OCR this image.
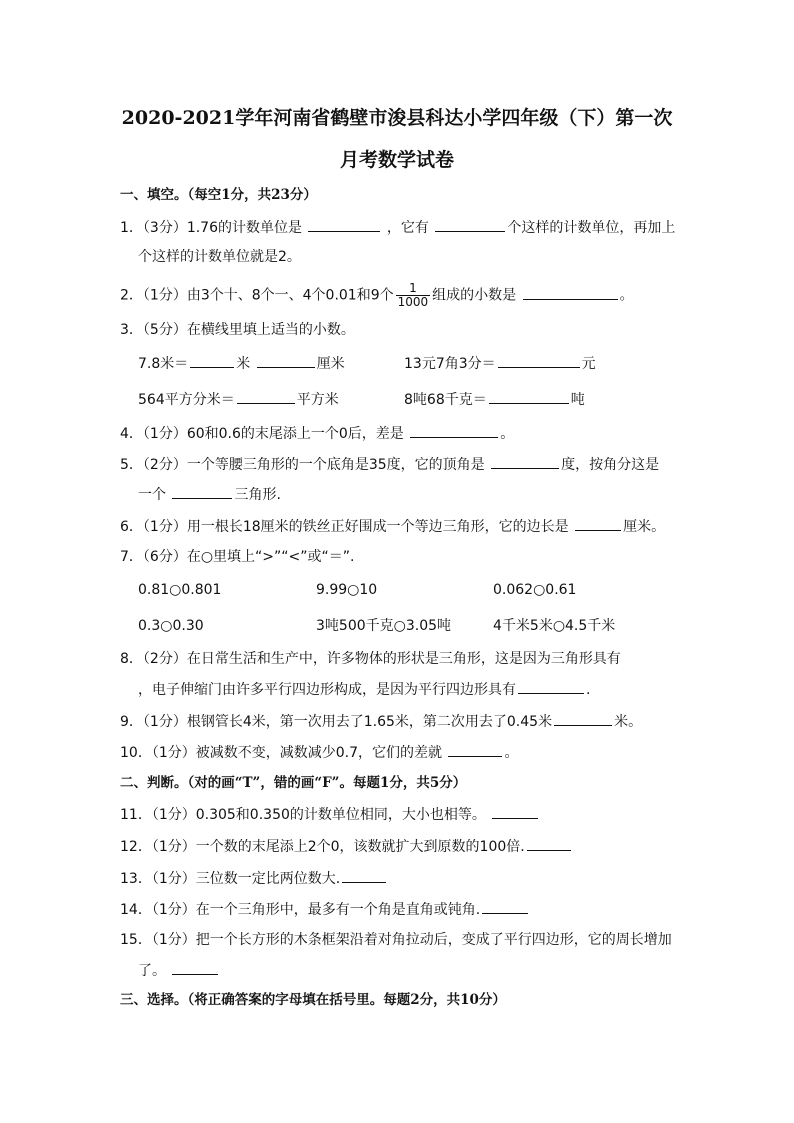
2020-2021学年河南省鹤壁市浚县科达小学四年级（下）第一次
月考数学试卷
一、填空。（每空1分，共23分）
1．（3分）1.76的计数单位是	，它有	个这样的计数单位，再加上
个这样的计数单位就是2。
2．（1分）由3个十、8个一、4个0.01和9个 $\frac{1}{1000}$ 组成的小数是	。
3．（5分）在横线里填上适当的小数。
7.8米＝	米	厘米	13元7角3分＝	元
564平方分米＝	平方米	8吨68千克＝	吨
4．（1分）60和0.6的末尾添上一个0后，差是	。
5．（2分）一个等腰三角形的一个底角是35度，它的顶角是	度，按角分这是
一个	三角形.
6．（1分）用一根长18厘米的铁丝正好围成一个等边三角形，它的边长是	厘米。
7．（6分）在○里填上“>”“<”或“＝”.
0.81○0.801	9.99○10	0.062○0.61
0.3○0.30	3吨500千克○3.05吨	4千米5米○4.5千米
8．（2分）在日常生活和生产中，许多物体的形状是三角形，这是因为三角形具有
，电子伸缩门由许多平行四边形构成，是因为平行四边形具有	.
9．（1分）根钢管长4米，第一次用去了1.65米，第二次用去了0.45米	米。
10．（1分）被减数不变，减数减少0.7，它们的差就	。
二、判断。（对的画“T”，错的画“F”。每题1分，共5分）
11．（1分）0.305和0.350的计数单位相同，大小也相等。
12．（1分）一个数的末尾添上2个0，该数就扩大到原数的100倍.
13．（1分）三位数一定比两位数大.
14．（1分）在一个三角形中，最多有一个角是直角或钝角.
15．（1分）把一个长方形的木条框架沿着对角拉动后，变成了平行四边形，它的周长增加
了。
三、选择。（将正确答案的字母填在括号里。每题2分，共10分）
